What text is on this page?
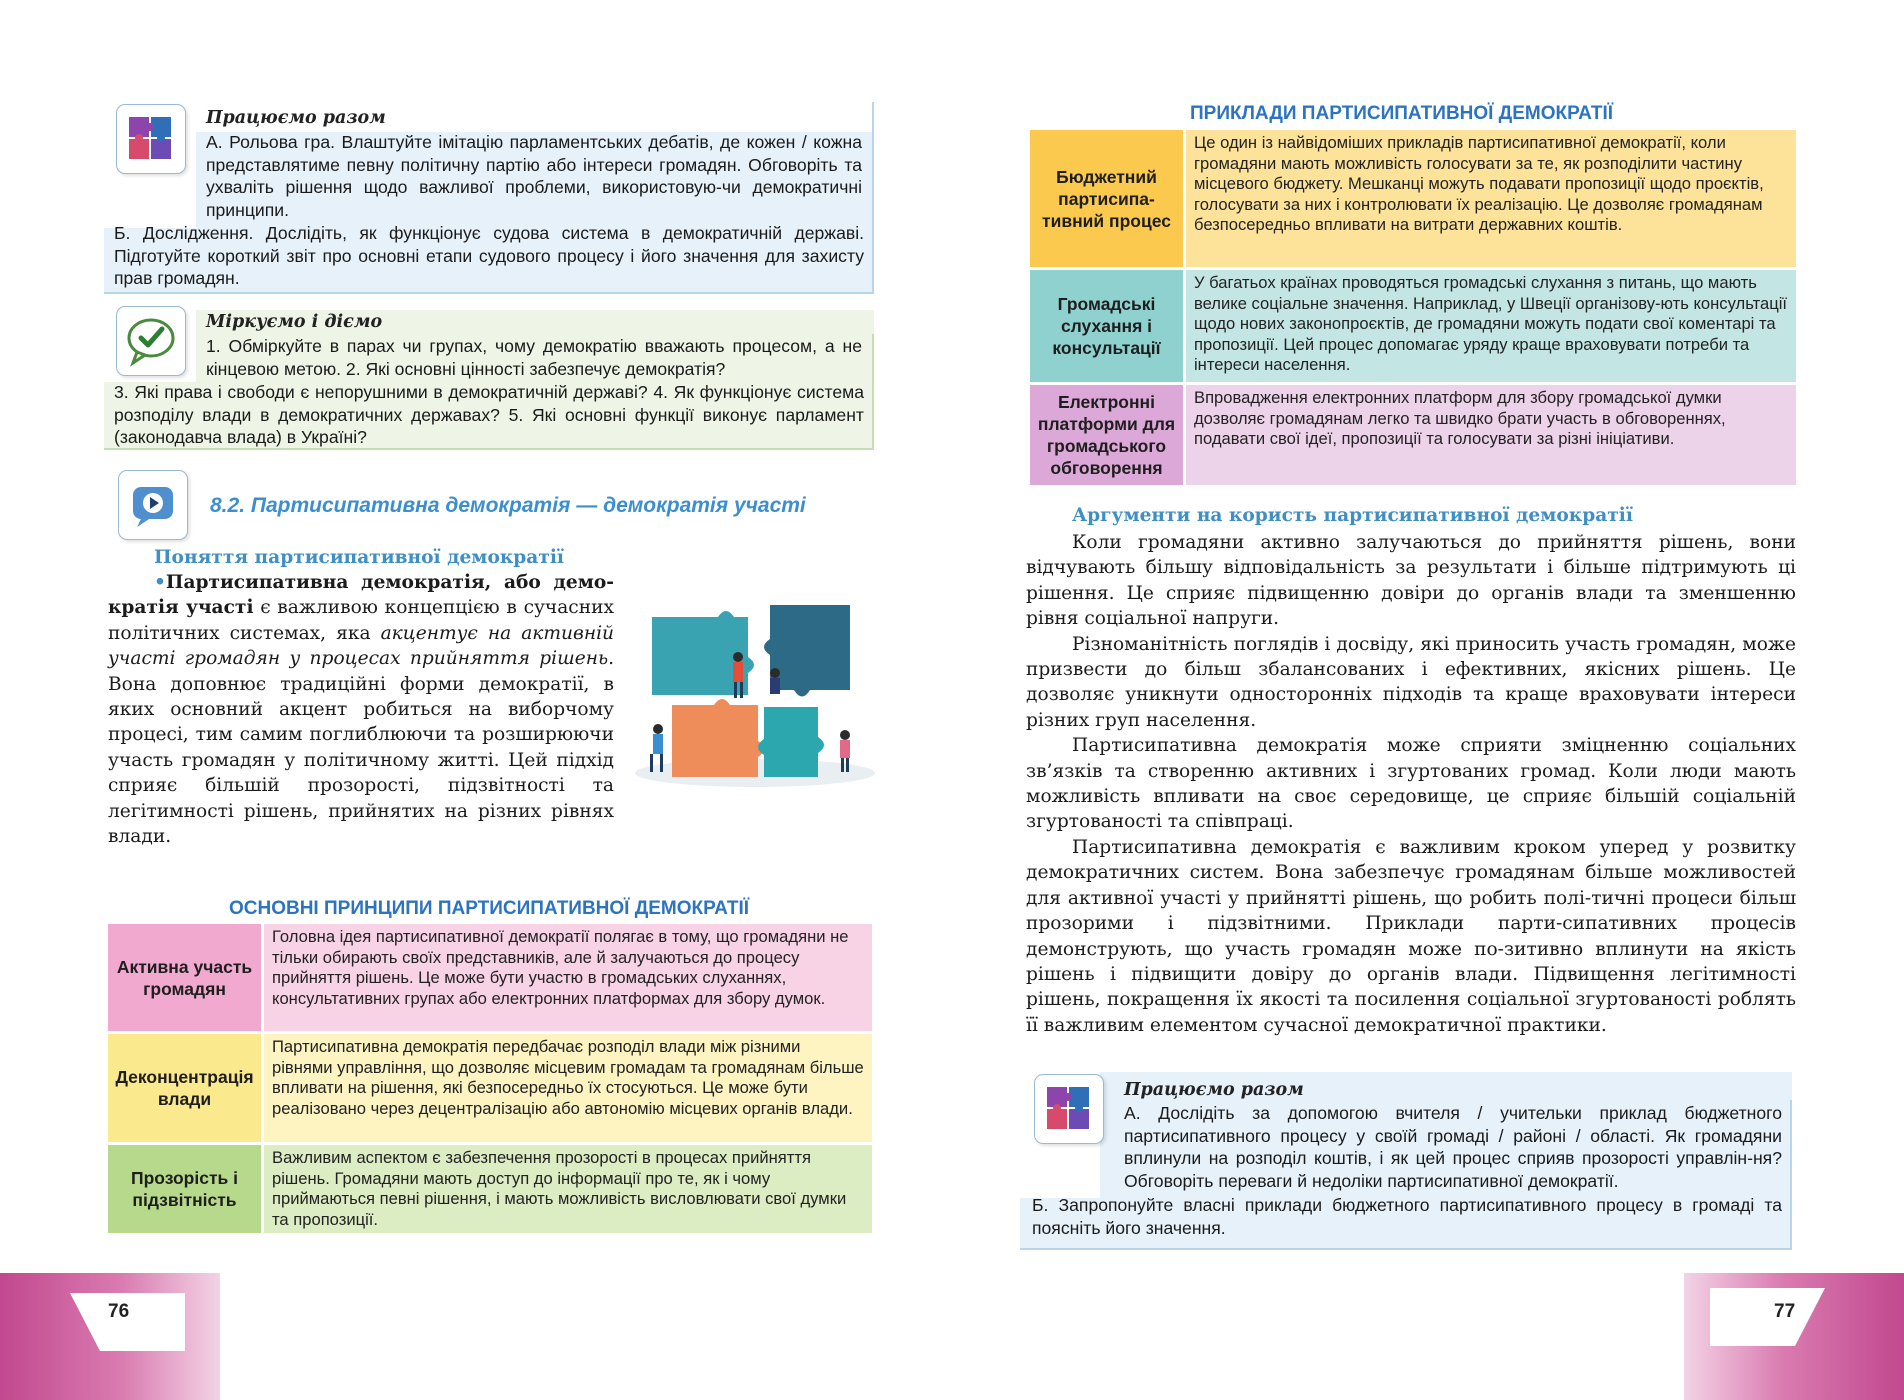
Працюємо разом
А. Рольова гра. Влаштуйте імітацію парламентських дебатів, де кожен / кожна представлятиме певну політичну партію або інтереси громадян. Обговоріть та ухваліть рішення щодо важливої проблеми, використовую-чи демократичні принципи.
Б. Дослідження. Дослідіть, як функціонує судова система в демократичній державі. Підготуйте короткий звіт про основні етапи судового процесу і його значення для захисту прав громадян.
Міркуємо і діємо
1. Обміркуйте в парах чи групах, чому демократію вважають процесом, а не кінцевою метою. 2. Які основні цінності забезпечує демократія?
3. Які права і свободи є непорушними в демократичній державі? 4. Як функціонує система розподілу влади в демократичних державах? 5. Які основні функції виконує парламент (законодавча влада) в Україні?
8.2. Партисипативна демократія — демократія участі
Поняття партисипативної демократії
•Партисипативна демократія, або демо-кратія участі є важливою концепцією в сучасних політичних системах, яка акцентує на активній участі громадян у процесах прийняття рішень. Вона доповнює традиційні форми демократії, в яких основний акцент робиться на виборчому процесі, тим самим поглиблюючи та розширюючи участь громадян у політичному житті. Цей підхід сприяє більшій прозорості, підзвітності та легітимності рішень, прийнятих на різних рівнях влади.
ОСНОВНІ ПРИНЦИПИ ПАРТИСИПАТИВНОЇ ДЕМОКРАТІЇ
Активна участь громадян
Головна ідея партисипативної демократії полягає в тому, що громадяни не тільки обирають своїх представників, але й залучаються до процесу прийняття рішень. Це може бути участю в громадських слуханнях, консультативних групах або електронних платформах для збору думок.
Деконцентрація влади
Партисипативна демократія передбачає розподіл влади між різними рівнями управління, що дозволяє місцевим громадам та громадянам більше впливати на рішення, які безпосередньо їх стосуються. Це може бути реалізовано через децентралізацію або автономію місцевих органів влади.
Прозорість і підзвітність
Важливим аспектом є забезпечення прозорості в процесах прийняття рішень. Громадяни мають доступ до інформації про те, як і чому приймаються певні рішення, і мають можливість висловлювати свої думки та пропозиції.
76
ПРИКЛАДИ ПАРТИСИПАТИВНОЇ ДЕМОКРАТІЇ
Бюджетний партисипа-тивний процес
Це один із найвідоміших прикладів партисипативної демократії, коли громадяни мають можливість голосувати за те, як розподілити частину місцевого бюджету. Мешканці можуть подавати пропозиції щодо проєктів, голосувати за них і контролювати їх реалізацію. Це дозволяє громадянам безпосередньо впливати на витрати державних коштів.
Громадські слухання і консультації
У багатьох країнах проводяться громадські слухання з питань, що мають велике соціальне значення. Наприклад, у Швеції організову-ють консультації щодо нових законопроєктів, де громадяни можуть подати свої коментарі та пропозиції. Цей процес допомагає уряду краще враховувати потреби та інтереси населення.
Електронні платформи для громадського обговорення
Впровадження електронних платформ для збору громадської думки дозволяє громадянам легко та швидко брати участь в обговореннях, подавати свої ідеї, пропозиції та голосувати за різні ініціативи.
Аргументи на користь партисипативної демократії

Коли громадяни активно залучаються до прийняття рішень, вони відчувають більшу відповідальність за результати і більше підтримують ці рішення. Це сприяє підвищенню довіри до органів влади та зменшенню рівня соціальної напруги.

Різноманітність поглядів і досвіду, які приносить участь громадян, може призвести до більш збалансованих і ефективних, якісних рішень. Це дозволяє уникнути односторонніх підходів та краще враховувати інтереси різних груп населення.

Партисипативна демократія може сприяти зміцненню соціальних зв’язків та створенню активних і згуртованих громад. Коли люди мають можливість впливати на своє середовище, це сприяє більшій соціальній згуртованості та співпраці.

Партисипативна демократія є важливим кроком уперед у розвитку демократичних систем. Вона забезпечує громадянам більше можливостей для активної участі у прийнятті рішень, що робить полі-тичні процеси більш прозорими і підзвітними. Приклади парти-сипативних процесів демонструють, що участь громадян може по-зитивно вплинути на якість рішень і підвищити довіру до органів влади. Підвищення легітимності рішень, покращення їх якості та посилення соціальної згуртованості роблять її важливим елементом сучасної демократичної практики.

Працюємо разом
А. Дослідіть за допомогою вчителя / учительки приклад бюджетного партисипативного процесу у своїй громаді / районі / області. Як громадяни вплинули на розподіл коштів, і як цей процес сприяв прозорості управлін-ня? Обговоріть переваги й недоліки партисипативної демократії.
Б. Запропонуйте власні приклади бюджетного партисипативного процесу в громаді та поясніть його значення.
77
